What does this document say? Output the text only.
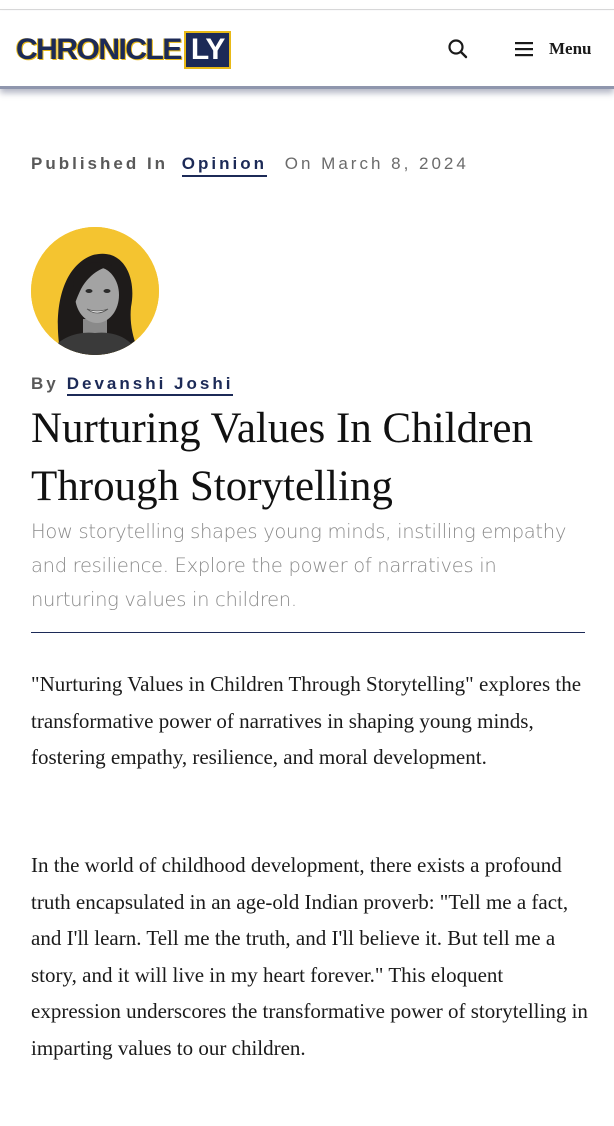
CHRONICLE LY	Menu
Published In Opinion On March 8, 2024
By Devanshi Joshi
Nurturing Values In Children Through Storytelling

How storytelling shapes young minds, instilling empathy and resilience. Explore the power of narratives in nurturing values in children.

"Nurturing Values in Children Through Storytelling" explores the transformative power of narratives in shaping young minds, fostering empathy, resilience, and moral development.

In the world of childhood development, there exists a profound truth encapsulated in an age-old Indian proverb: "Tell me a fact, and I'll learn. Tell me the truth, and I'll believe it. But tell me a story, and it will live in my heart forever." This eloquent expression underscores the transformative power of storytelling in imparting values to our children.
